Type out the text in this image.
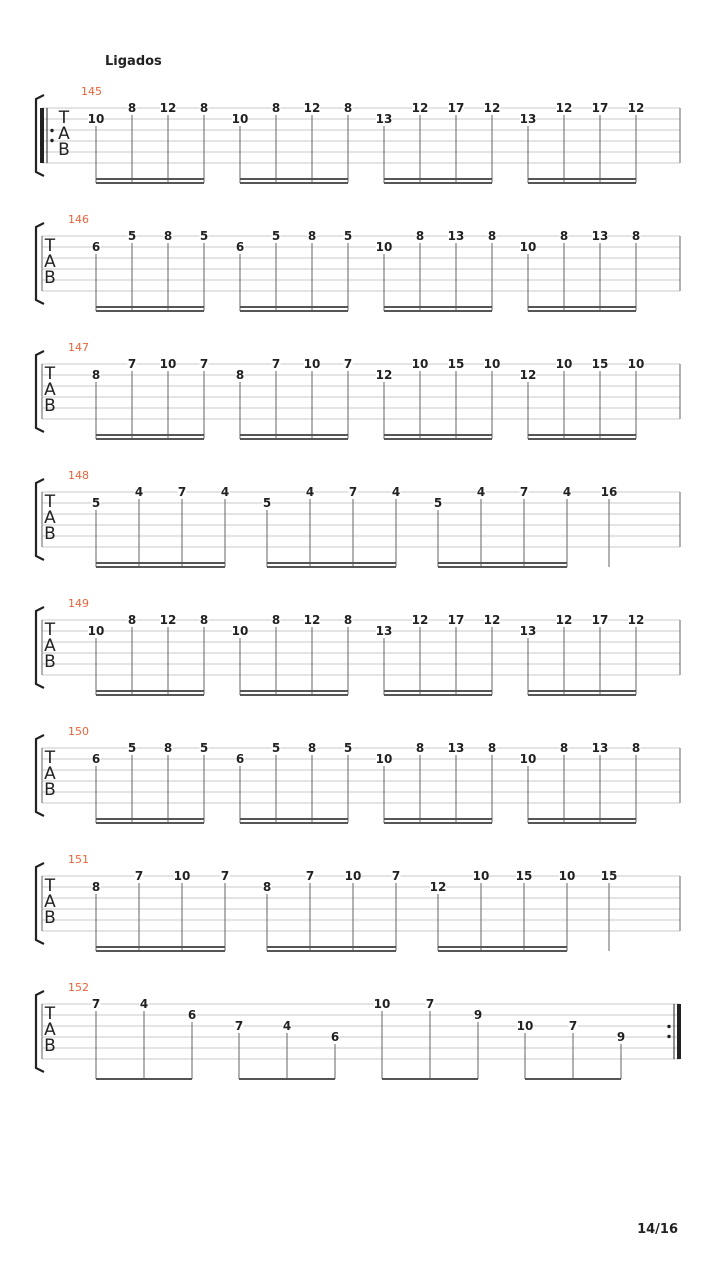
Ligados
T
A
B
145
10
8 12 8
10
8 12 8
13
12 17 12
13
12 17 12
T
A
B
146
6
5 8 5
6
5 8 5
10
8 13 8
10
8 13 8
T
A
B
147
8
7 10 7
8
7 10 7
12
10 15 10
12
10 15 10
T
A
B
148
5
4	7	4
5
4	7	4
5
4	7	4 16
T
A
B
149
10
8 12 8
10
8 12 8
13
12 17 12
13
12 17 12
T
A
B
150
6
5 8 5
6
5 8 5
10
8 13 8
10
8 13 8
T
A
B
151
8
7	10	7
8
7	10	7
12
10 15 10 15
T
A
B
152
7	4
6
7	4
6
10	7
9
10	7
9
14/16
